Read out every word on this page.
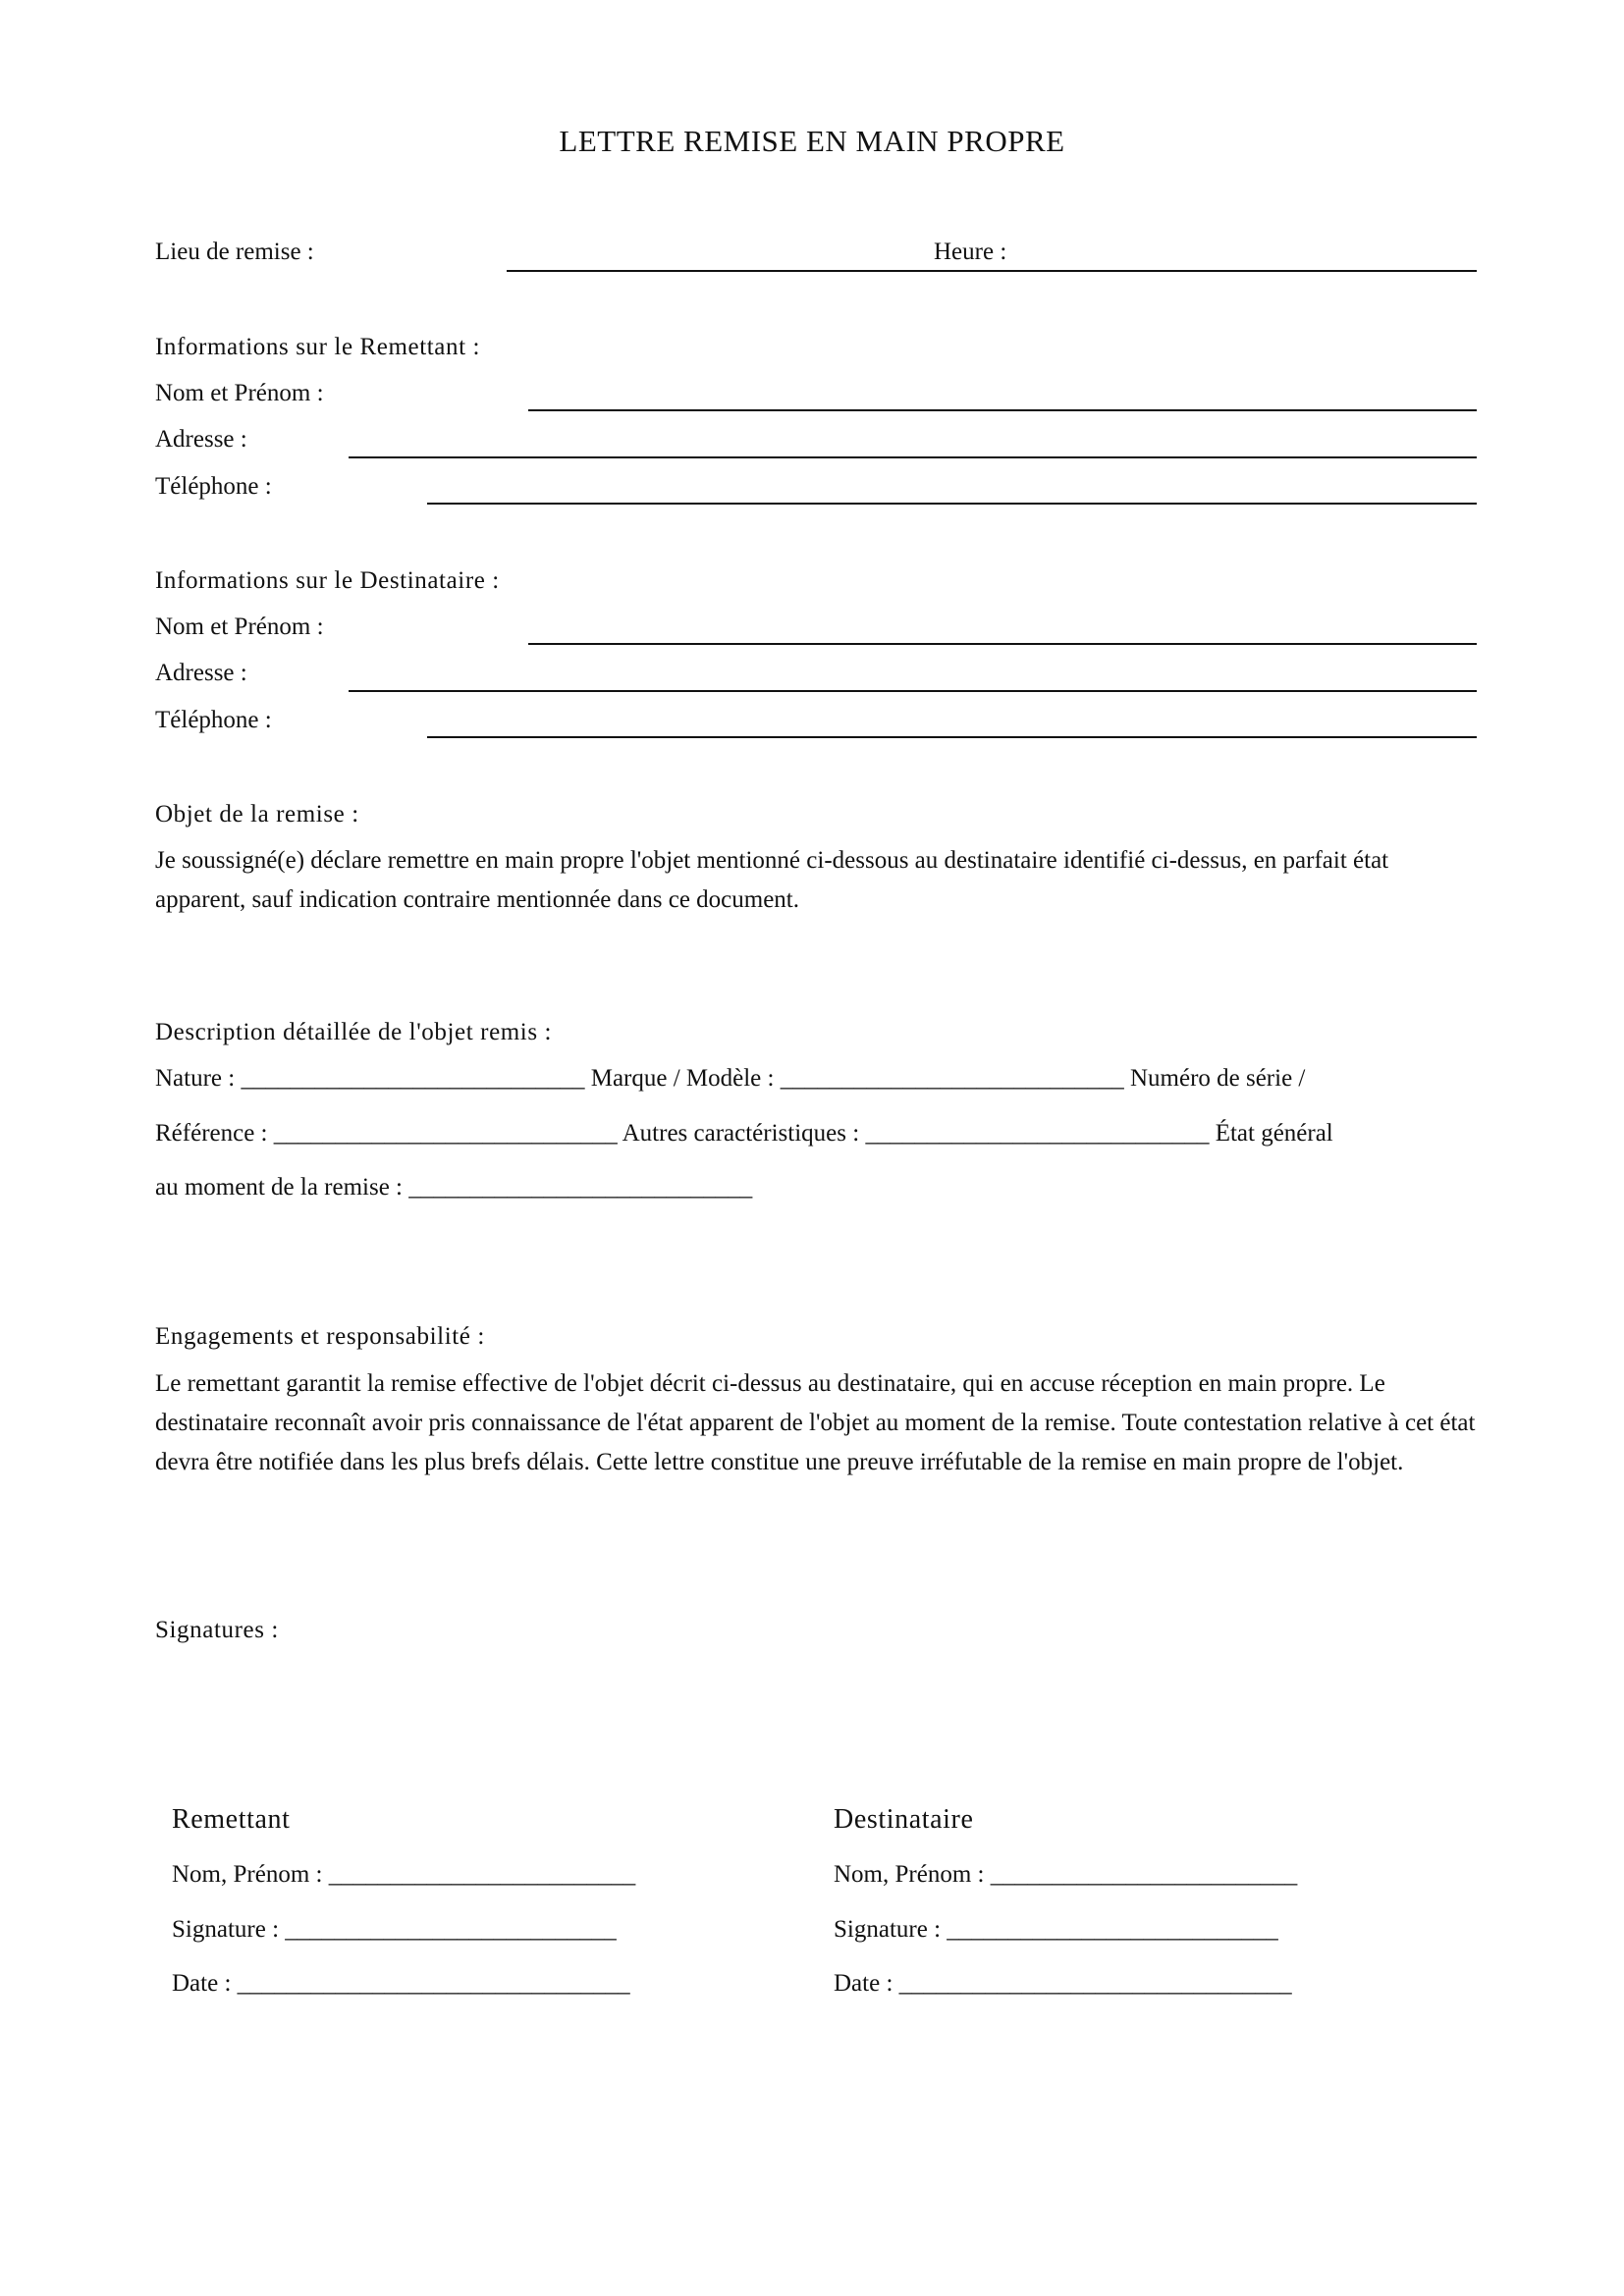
LETTRE REMISE EN MAIN PROPRE
Lieu de remise :	Heure :
Informations sur le Remettant :
Nom et Prénom :
Adresse :
Téléphone :
Informations sur le Destinataire :
Nom et Prénom :
Adresse :
Téléphone :
Objet de la remise :
Je soussigné(e) déclare remettre en main propre l'objet mentionné ci-dessous au destinataire identifié ci-dessus, en parfait état apparent, sauf indication contraire mentionnée dans ce document.
Description détaillée de l'objet remis :
Nature : ____________________________ Marque / Modèle : ____________________________ Numéro de série /
Référence : ____________________________ Autres caractéristiques : ____________________________ État général
au moment de la remise : ____________________________
Engagements et responsabilité :
Le remettant garantit la remise effective de l'objet décrit ci-dessus au destinataire, qui en accuse réception en main propre. Le destinataire reconnaît avoir pris connaissance de l'état apparent de l'objet au moment de la remise. Toute contestation relative à cet état devra être notifiée dans les plus brefs délais. Cette lettre constitue une preuve irréfutable de la remise en main propre de l'objet.
Signatures :
Remettant
Nom, Prénom : _________________________
Signature : ___________________________
Date : ________________________________
Destinataire
Nom, Prénom : _________________________
Signature : ___________________________
Date : ________________________________
